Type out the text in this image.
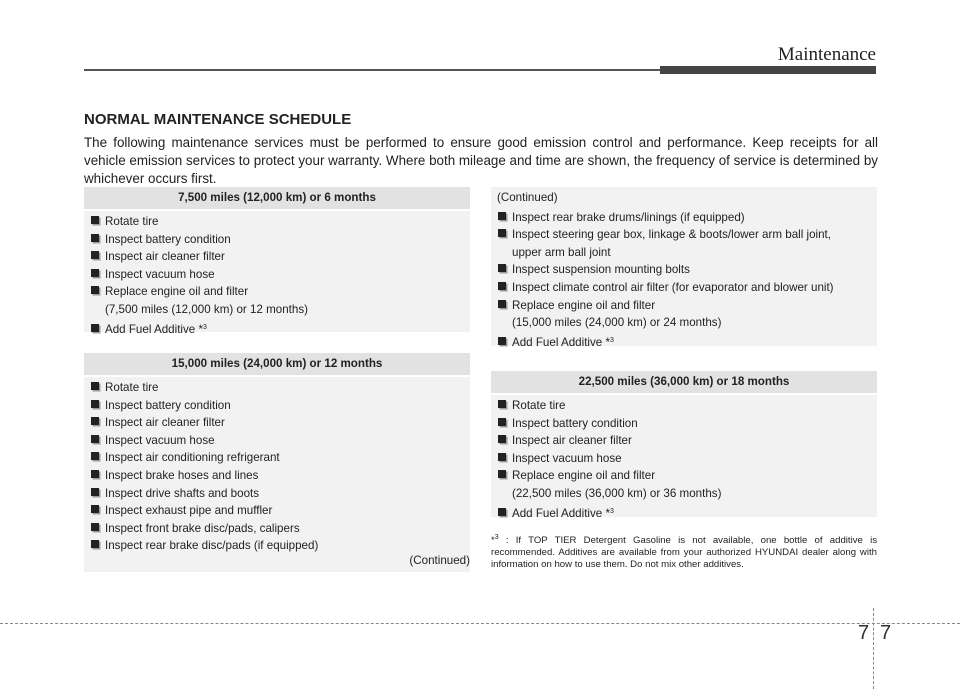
Maintenance
NORMAL MAINTENANCE SCHEDULE
The following maintenance services must be performed to ensure good emission control and performance. Keep receipts for all vehicle emission services to protect your warranty. Where both mileage and time are shown, the frequency of service is determined by whichever occurs first.
7,500 miles (12,000 km) or 6 months
Rotate tire
Inspect battery condition
Inspect air cleaner filter
Inspect vacuum hose
Replace engine oil and filter
(7,500 miles (12,000 km) or 12 months)
Add Fuel Additive *$^3$
15,000 miles (24,000 km) or 12 months
Rotate tire
Inspect battery condition
Inspect air cleaner filter
Inspect vacuum hose
Inspect air conditioning refrigerant
Inspect brake hoses and lines
Inspect drive shafts and boots
Inspect exhaust pipe and muffler
Inspect front brake disc/pads, calipers
Inspect rear brake disc/pads (if equipped)
(Continued)
(Continued)
Inspect rear brake drums/linings (if equipped)
Inspect steering gear box, linkage & boots/lower arm ball joint,
upper arm ball joint
Inspect suspension mounting bolts
Inspect climate control air filter (for evaporator and blower unit)
Replace engine oil and filter
(15,000 miles (24,000 km) or 24 months)
Add Fuel Additive *$^3$
22,500 miles (36,000 km) or 18 months
Rotate tire
Inspect battery condition
Inspect air cleaner filter
Inspect vacuum hose
Replace engine oil and filter
(22,500 miles (36,000 km) or 36 months)
Add Fuel Additive *$^3$
*$^3$ : If TOP TIER Detergent Gasoline is not available, one bottle of additive is recommended. Additives are available from your authorized HYUNDAI dealer along with information on how to use them. Do not mix other additives.
7 7
